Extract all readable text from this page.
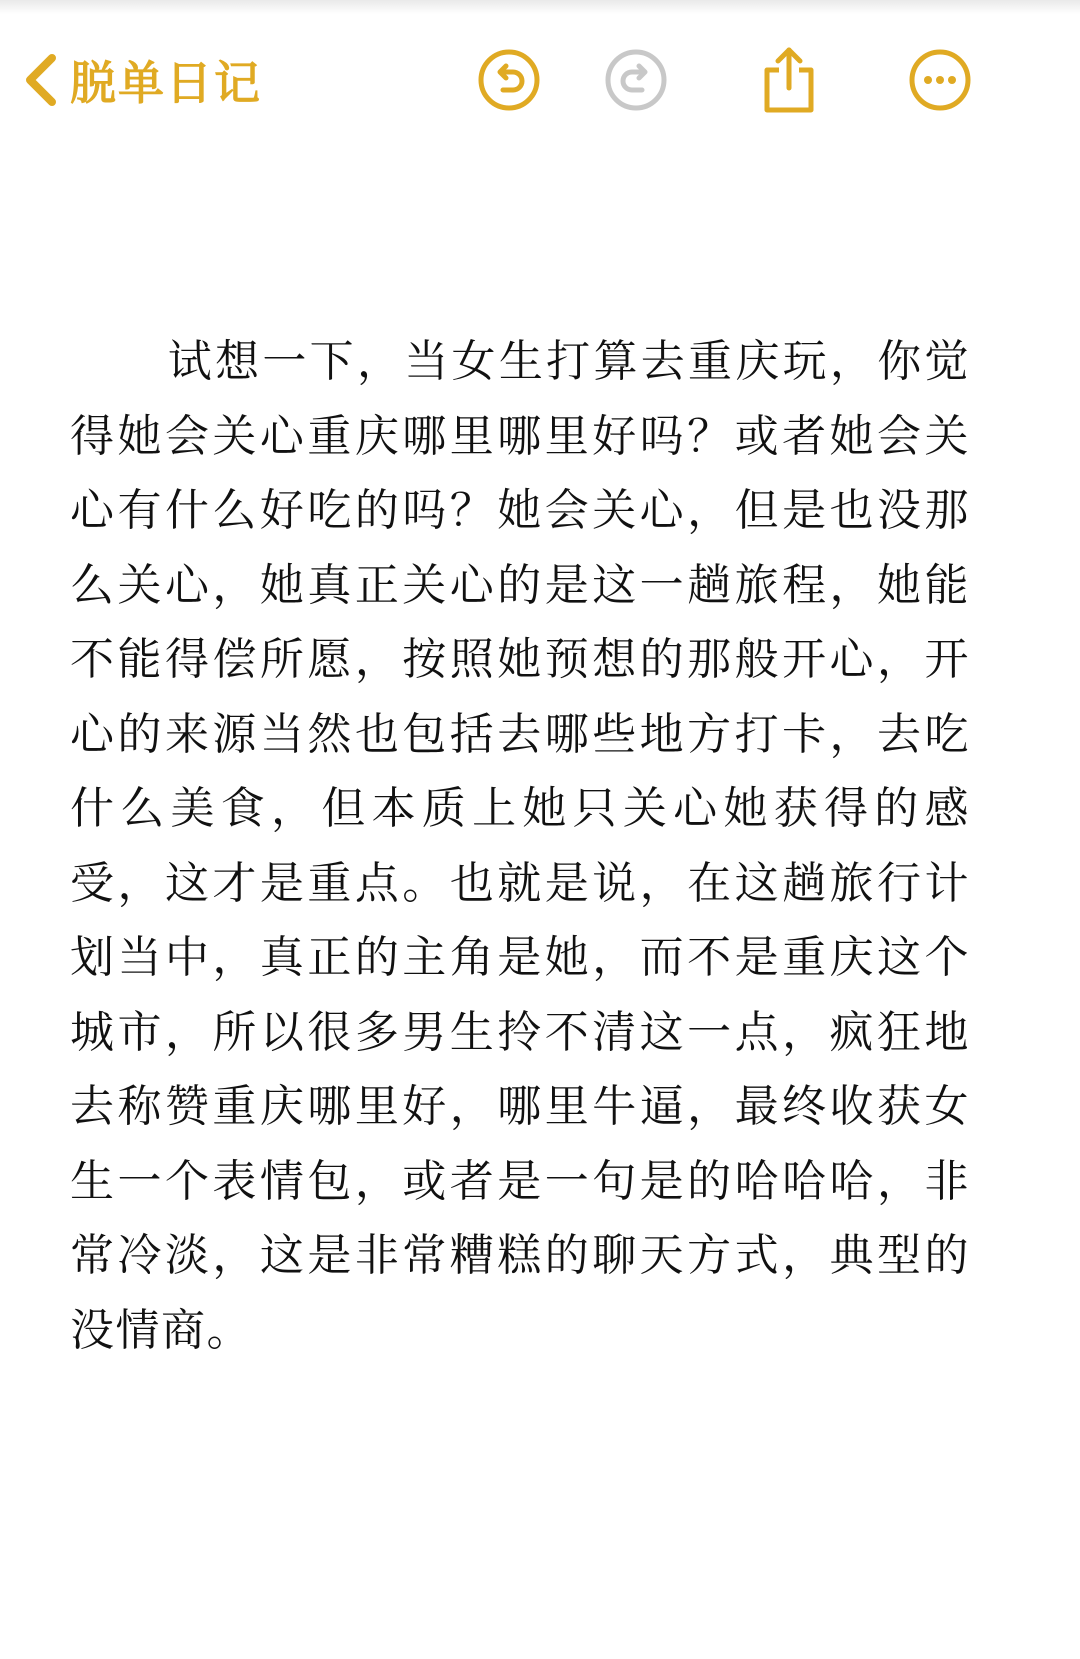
脱单日记

试想一下，当女生打算去重庆玩，你觉得她会关心重庆哪里哪里好吗？或者她会关心有什么好吃的吗？她会关心，但是也没那么关心，她真正关心的是这一趟旅程，她能不能得偿所愿，按照她预想的那般开心，开心的来源当然也包括去哪些地方打卡，去吃什么美食，但本质上她只关心她获得的感受，这才是重点。也就是说，在这趟旅行计划当中，真正的主角是她，而不是重庆这个城市，所以很多男生拎不清这一点，疯狂地去称赞重庆哪里好，哪里牛逼，最终收获女生一个表情包，或者是一句是的哈哈哈，非常冷淡，这是非常糟糕的聊天方式，典型的没情商。
